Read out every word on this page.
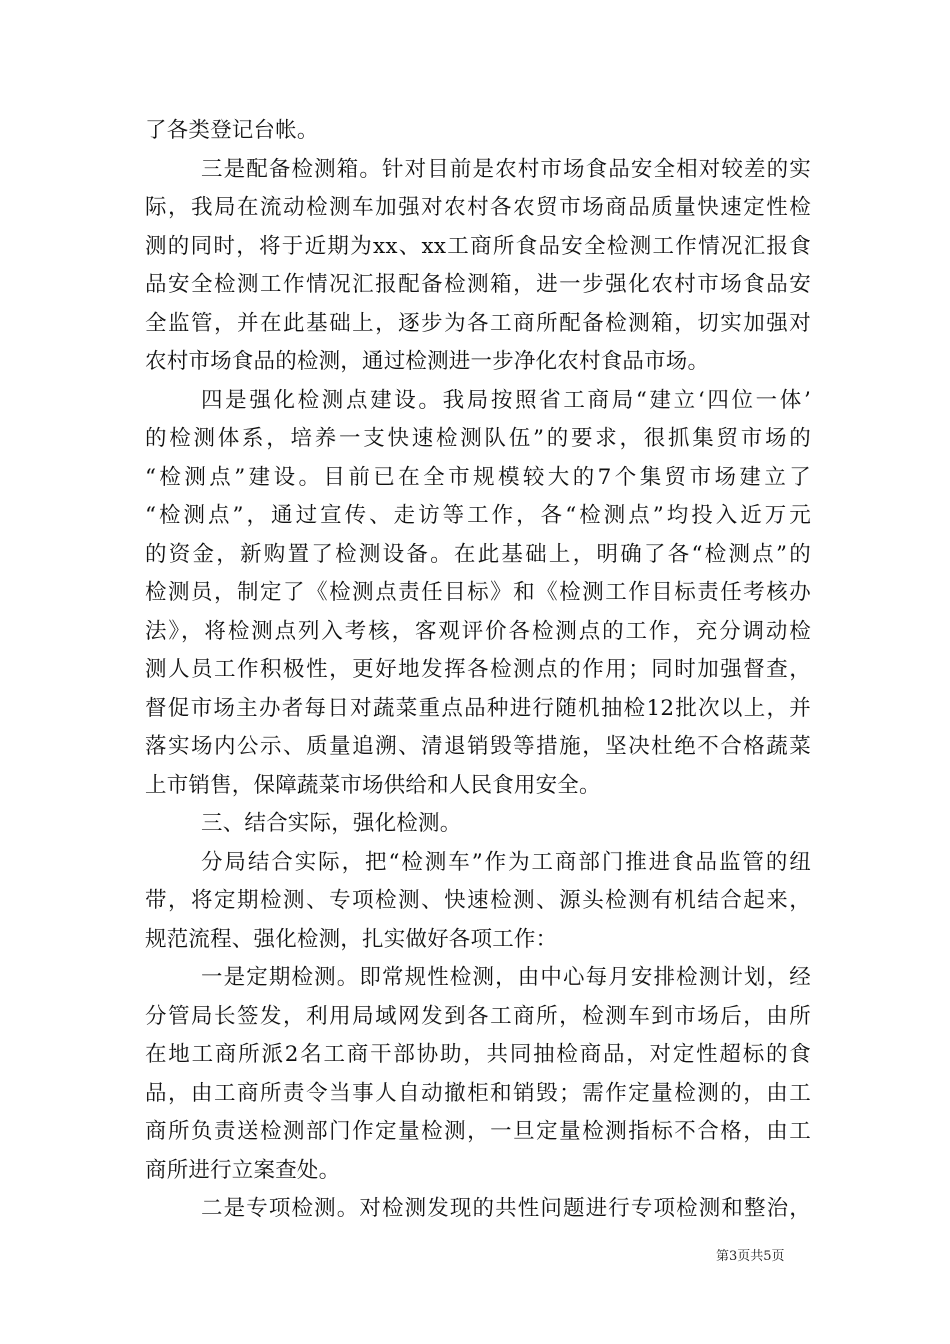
了各类登记台帐。
三是配备检测箱。针对目前是农村市场食品安全相对较差的实
际，我局在流动检测车加强对农村各农贸市场商品质量快速定性检
测的同时，将于近期为xx、xx工商所食品安全检测工作情况汇报食
品安全检测工作情况汇报配备检测箱，进一步强化农村市场食品安
全监管，并在此基础上，逐步为各工商所配备检测箱，切实加强对
农村市场食品的检测，通过检测进一步净化农村食品市场。
四是强化检测点建设。我局按照省工商局“建立‘四位一体’
的检测体系，培养一支快速检测队伍”的要求，很抓集贸市场的
“检测点”建设。目前已在全市规模较大的7个集贸市场建立了
“检测点”，通过宣传、走访等工作，各“检测点”均投入近万元
的资金，新购置了检测设备。在此基础上，明确了各“检测点”的
检测员，制定了《检测点责任目标》和《检测工作目标责任考核办
法》，将检测点列入考核，客观评价各检测点的工作，充分调动检
测人员工作积极性，更好地发挥各检测点的作用；同时加强督查，
督促市场主办者每日对蔬菜重点品种进行随机抽检12批次以上，并
落实场内公示、质量追溯、清退销毁等措施，坚决杜绝不合格蔬菜
上市销售，保障蔬菜市场供给和人民食用安全。
三、结合实际，强化检测。
分局结合实际，把“检测车”作为工商部门推进食品监管的纽
带，将定期检测、专项检测、快速检测、源头检测有机结合起来，
规范流程、强化检测，扎实做好各项工作：
一是定期检测。即常规性检测，由中心每月安排检测计划，经
分管局长签发，利用局域网发到各工商所，检测车到市场后，由所
在地工商所派2名工商干部协助，共同抽检商品，对定性超标的食
品，由工商所责令当事人自动撤柜和销毁；需作定量检测的，由工
商所负责送检测部门作定量检测，一旦定量检测指标不合格，由工
商所进行立案查处。
二是专项检测。对检测发现的共性问题进行专项检测和整治，
第3页共5页
